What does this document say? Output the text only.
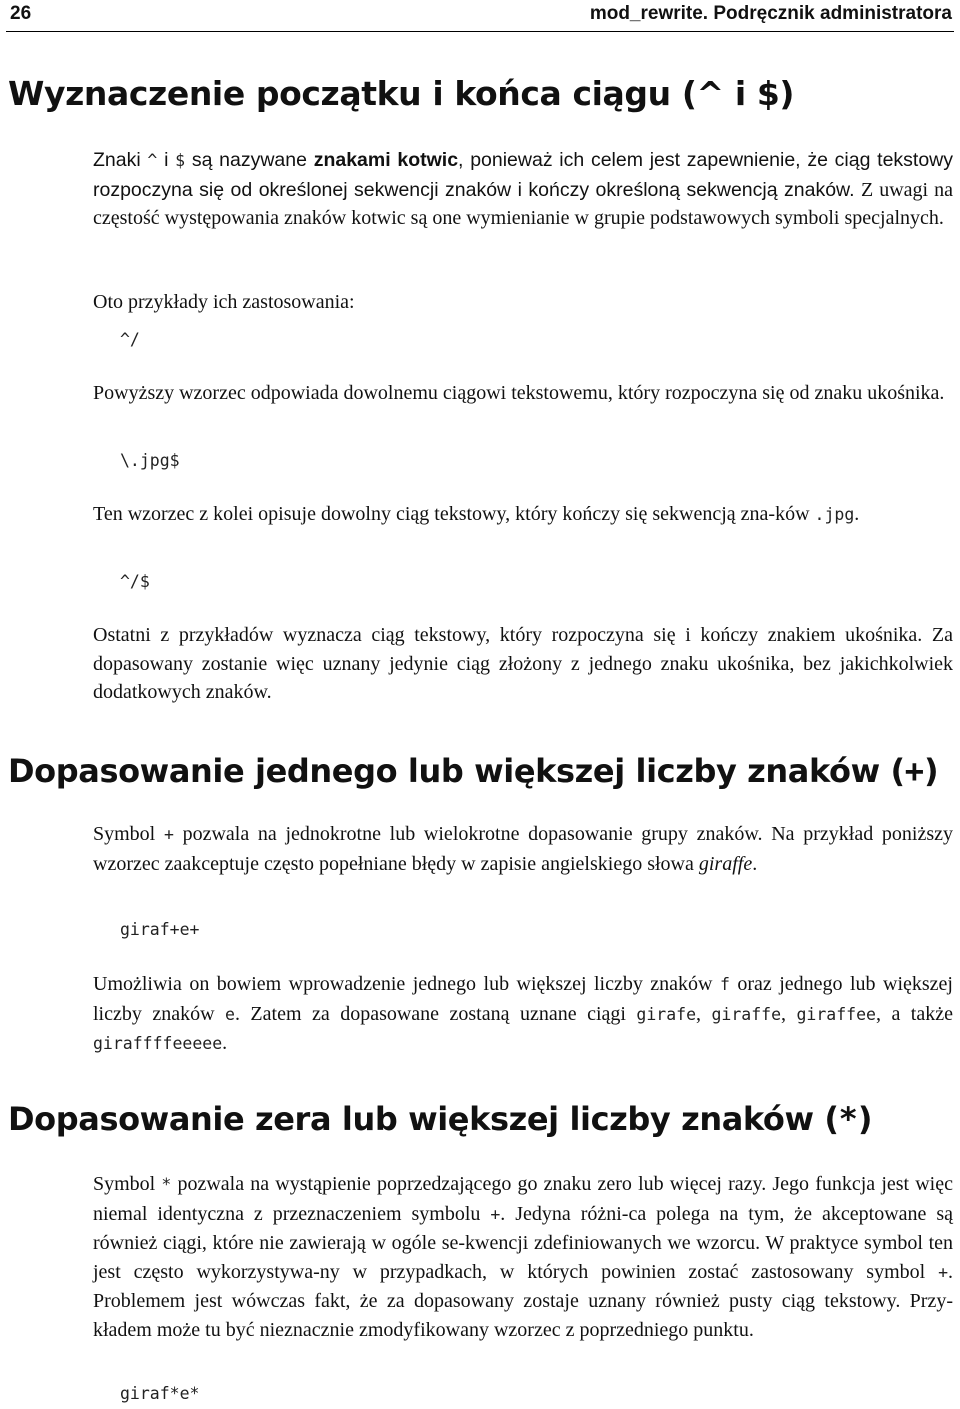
26	mod_rewrite. Podręcznik administratora
Wyznaczenie początku i końca ciągu (^ i $)

Znaki ^ i $ są nazywane znakami kotwic, ponieważ ich celem jest zapewnienie, że ciąg tekstowy rozpoczyna się od określonej sekwencji znaków i kończy określoną sekwencją znaków. Z uwagi na częstość występowania znaków kotwic są one wymienianie w grupie podstawowych symboli specjalnych.

Oto przykłady ich zastosowania:

^/

Powyższy wzorzec odpowiada dowolnemu ciągowi tekstowemu, który rozpoczyna się od znaku ukośnika.

\.jpg$

Ten wzorzec z kolei opisuje dowolny ciąg tekstowy, który kończy się sekwencją zna-ków .jpg.

^/$

Ostatni z przykładów wyznacza ciąg tekstowy, który rozpoczyna się i kończy znakiem ukośnika. Za dopasowany zostanie więc uznany jedynie ciąg złożony z jednego znaku ukośnika, bez jakichkolwiek dodatkowych znaków.

Dopasowanie jednego lub większej liczby znaków (+)

Symbol + pozwala na jednokrotne lub wielokrotne dopasowanie grupy znaków. Na przykład poniższy wzorzec zaakceptuje często popełniane błędy w zapisie angielskiego słowa giraffe.

giraf+e+

Umożliwia on bowiem wprowadzenie jednego lub większej liczby znaków f oraz jednego lub większej liczby znaków e. Zatem za dopasowane zostaną uznane ciągi girafe, giraffe, giraffee, a także giraffffeeeee.

Dopasowanie zera lub większej liczby znaków (*)

Symbol * pozwala na wystąpienie poprzedzającego go znaku zero lub więcej razy. Jego funkcja jest więc niemal identyczna z przeznaczeniem symbolu +. Jedyna różni-ca polega na tym, że akceptowane są również ciągi, które nie zawierają w ogóle se-kwencji zdefiniowanych we wzorcu. W praktyce symbol ten jest często wykorzystywa-ny w przypadkach, w których powinien zostać zastosowany symbol +. Problemem jest wówczas fakt, że za dopasowany zostaje uznany również pusty ciąg tekstowy. Przy-kładem może tu być nieznacznie zmodyfikowany wzorzec z poprzedniego punktu.

giraf*e*
